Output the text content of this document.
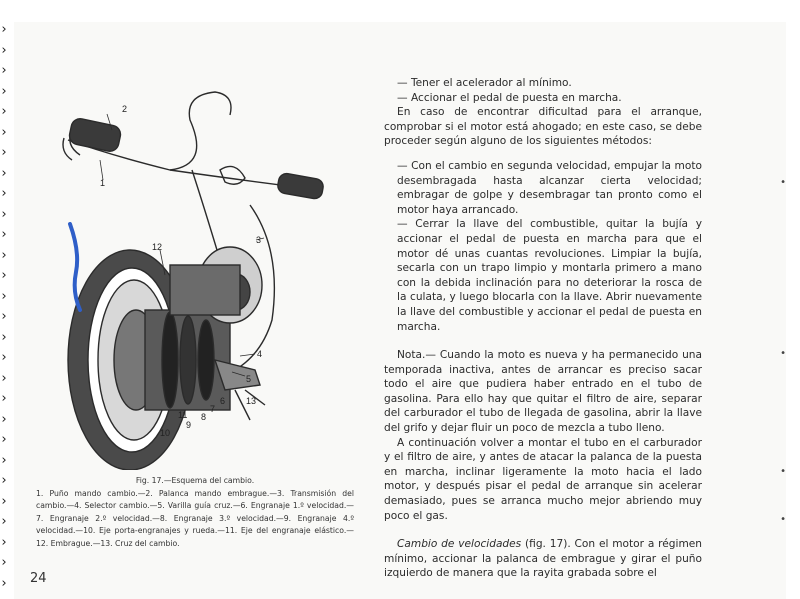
›
›
›
›
›
›
›
›
›
›
›
›
›
›
›
›
›
›
›
›
›
›
›
›
›
›
›
›
2
1
3
4
5
6
7
8
9
10
11
12
13
Fig. 17.—Esquema del cambio.
1. Puño mando cambio.—2. Palanca mando embrague.—3. Transmisión del cambio.—4. Selector cambio.—5. Varilla guía cruz.—6. Engranaje 1.º velocidad.—7. Engranaje 2.º velocidad.—8. Engranaje 3.º velocidad.—9. Engranaje 4.º velocidad.—10. Eje porta-engranajes y rueda.—11. Eje del engranaje elástico.—12. Embrague.—13. Cruz del cambio.
24

— Tener el acelerador al mínimo.

— Accionar el pedal de puesta en marcha.

En caso de encontrar dificultad para el arranque, comprobar si el motor está ahogado; en este caso, se debe proceder según alguno de los siguientes métodos:

— Con el cambio en segunda velocidad, empujar la moto desembragada hasta alcanzar cierta velocidad; embragar de golpe y desembragar tan pronto como el motor haya arrancado.

— Cerrar la llave del combustible, quitar la bujía y accionar el pedal de puesta en marcha para que el motor dé unas cuantas revoluciones. Limpiar la bujía, secarla con un trapo limpio y montarla primero a mano con la debida inclinación para no deteriorar la rosca de la culata, y luego blocarla con la llave. Abrir nuevamente la llave del combustible y accionar el pedal de puesta en marcha.

Nota.— Cuando la moto es nueva y ha permanecido una temporada inactiva, antes de arrancar es preciso sacar todo el aire que pudiera haber entrado en el tubo de gasolina. Para ello hay que quitar el filtro de aire, separar del carburador el tubo de llegada de gasolina, abrir la llave del grifo y dejar fluir un poco de mezcla a tubo lleno.

A continuación volver a montar el tubo en el carburador y el filtro de aire, y antes de atacar la palanca de la puesta en marcha, inclinar ligeramente la moto hacia el lado motor, y después pisar el pedal de arranque sin acelerar demasiado, pues se arranca mucho mejor abriendo muy poco el gas.

Cambio de velocidades (fig. 17). Con el motor a régimen mínimo, accionar la palanca de embrague y girar el puño izquierdo de manera que la rayita grabada sobre el

•
•
•
•
